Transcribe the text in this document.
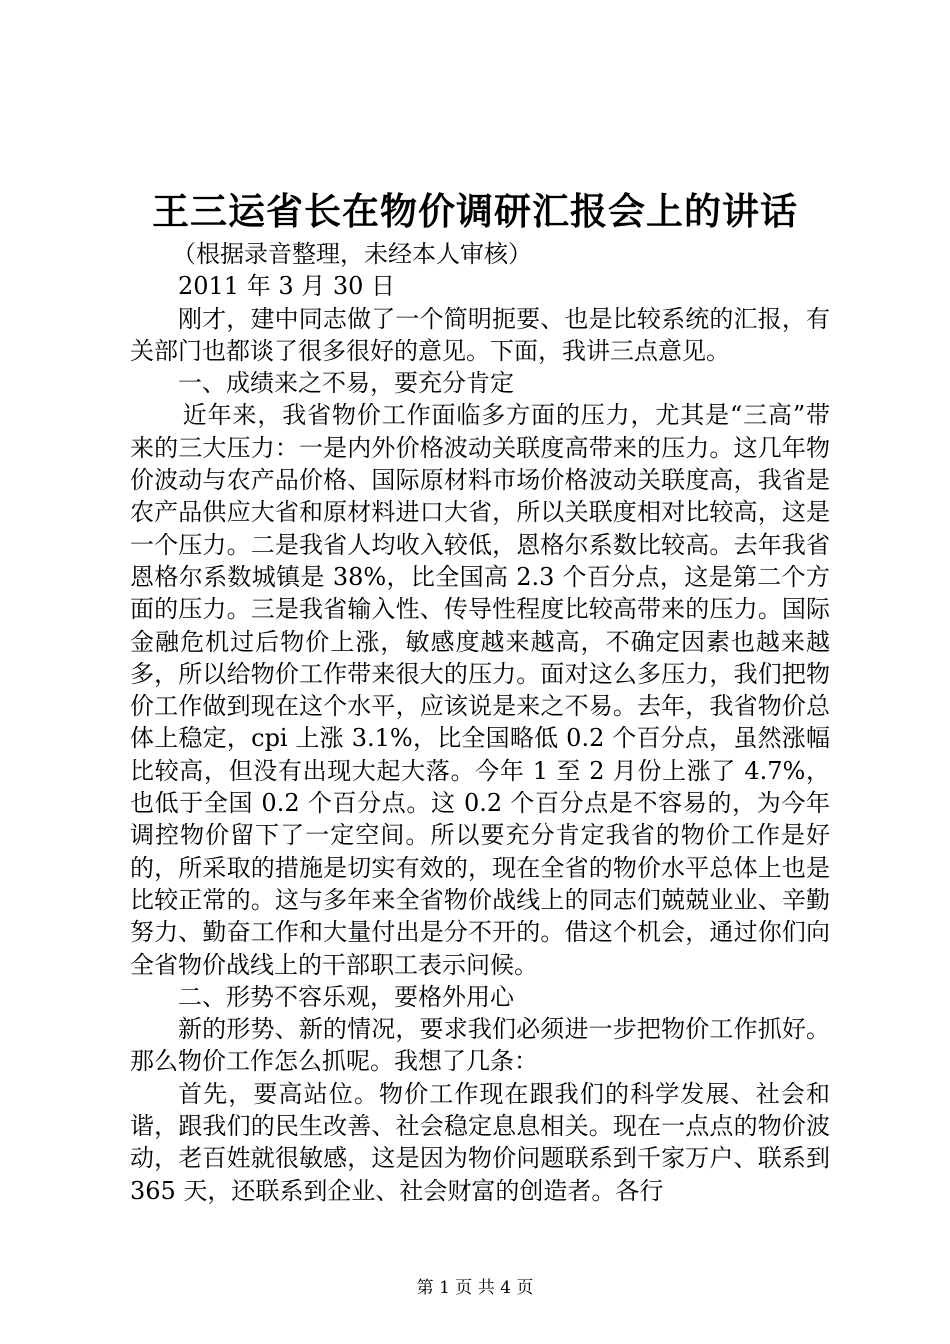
王三运省长在物价调研汇报会上的讲话

（根据录音整理，未经本人审核）

2011 年 3 月 30 日

刚才，建中同志做了一个简明扼要、也是比较系统的汇报，有关部门也都谈了很多很好的意见。下面，我讲三点意见。

一、成绩来之不易，要充分肯定

近年来，我省物价工作面临多方面的压力，尤其是“三高”带来的三大压力：一是内外价格波动关联度高带来的压力。这几年物价波动与农产品价格、国际原材料市场价格波动关联度高，我省是农产品供应大省和原材料进口大省，所以关联度相对比较高，这是一个压力。二是我省人均收入较低，恩格尔系数比较高。去年我省恩格尔系数城镇是 38%，比全国高 2.3 个百分点，这是第二个方面的压力。三是我省输入性、传导性程度比较高带来的压力。国际金融危机过后物价上涨，敏感度越来越高，不确定因素也越来越多，所以给物价工作带来很大的压力。面对这么多压力，我们把物价工作做到现在这个水平，应该说是来之不易。去年，我省物价总体上稳定，cpi 上涨 3.1%，比全国略低 0.2 个百分点，虽然涨幅比较高，但没有出现大起大落。今年 1 至 2 月份上涨了 4.7%，也低于全国 0.2 个百分点。这 0.2 个百分点是不容易的，为今年调控物价留下了一定空间。所以要充分肯定我省的物价工作是好的，所采取的措施是切实有效的，现在全省的物价水平总体上也是比较正常的。这与多年来全省物价战线上的同志们兢兢业业、辛勤努力、勤奋工作和大量付出是分不开的。借这个机会，通过你们向全省物价战线上的干部职工表示问候。

二、形势不容乐观，要格外用心

新的形势、新的情况，要求我们必须进一步把物价工作抓好。那么物价工作怎么抓呢。我想了几条：

首先，要高站位。物价工作现在跟我们的科学发展、社会和谐，跟我们的民生改善、社会稳定息息相关。现在一点点的物价波动，老百姓就很敏感，这是因为物价问题联系到千家万户、联系到 365 天，还联系到企业、社会财富的创造者。各行

第 1 页 共 4 页
